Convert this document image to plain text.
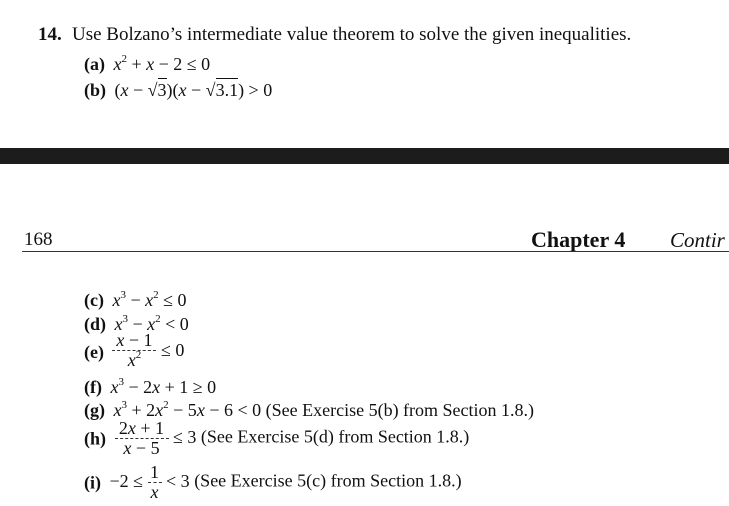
14. Use Bolzano’s intermediate value theorem to solve the given inequalities.
(a) $x^2 + x - 2 \le 0$
(b)  (x − √3)(x − √3.1) > 0
168	Chapter 4 Contir
(c) $x^3 - x^2 \le 0$
(d) $x^3 - x^2 < 0$
$(e) \frac{x - 1}{x^2} \le 0$
(f) $x^3 - 2x + 1 \ge 0$
(g) $x^3 + 2x^2 - 5x - 6 < 0$ (See Exercise 5(b) from Section 1.8.)
$(h) \frac{2x + 1}{x - 5} \le 3$ (See Exercise 5(d) from Section 1.8.)
$(i) -2 \le \frac{1}{x} < 3$ (See Exercise 5(c) from Section 1.8.)
